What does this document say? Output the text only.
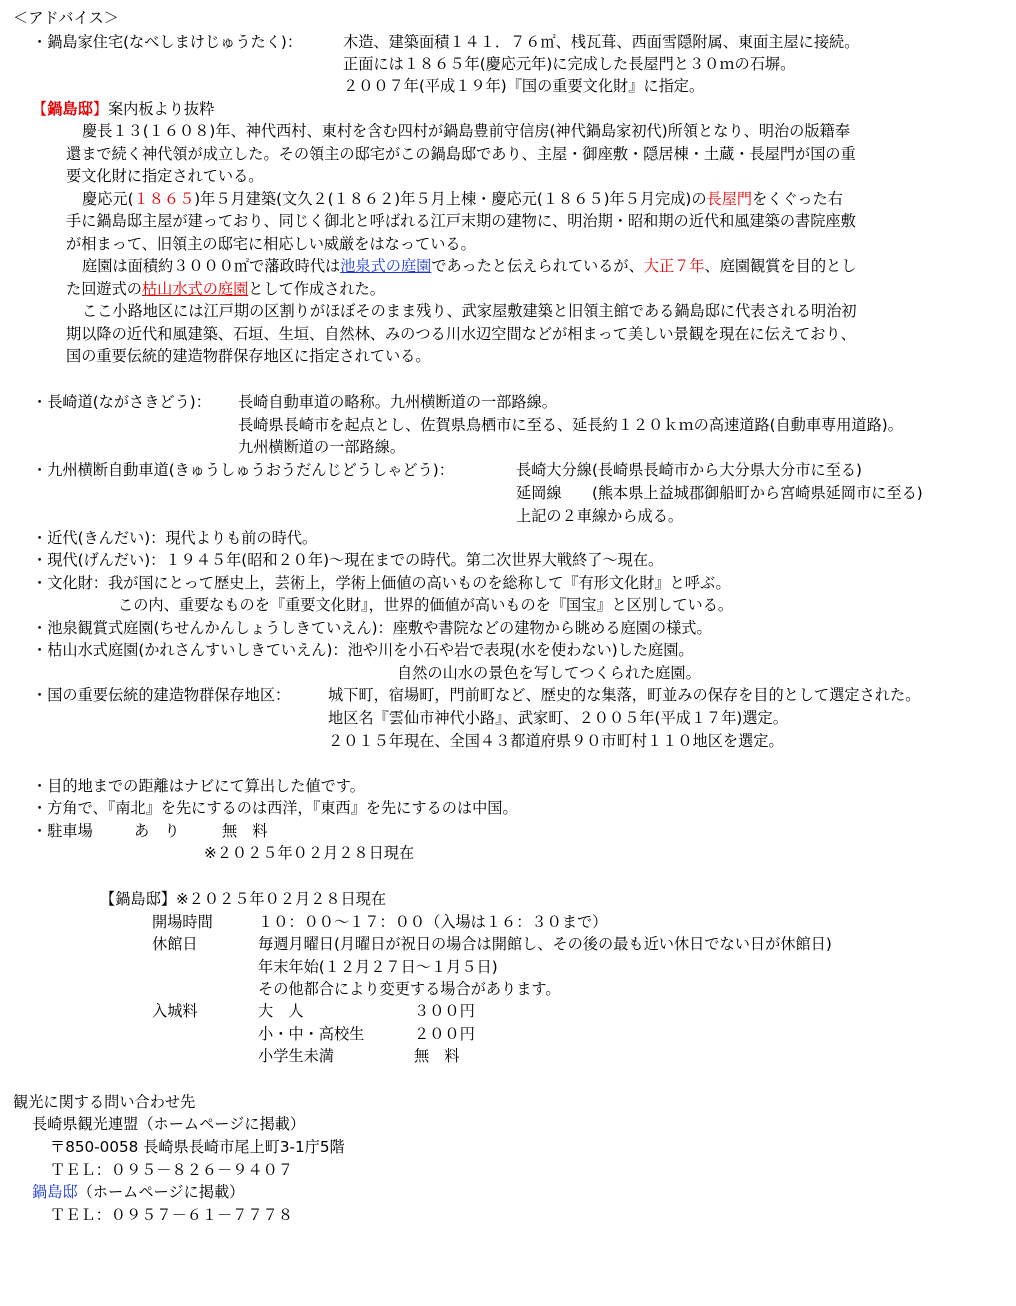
＜アドバイス＞
・鍋島家住宅(なべしまけじゅうたく)：	木造、建築面積１４１．７６㎡、桟瓦葺、西面雪隠附属、東面主屋に接続。
正面には１８６５年(慶応元年)に完成した長屋門と３０ｍの石塀。
２００７年(平成１９年)『国の重要文化財』に指定。
【鍋島邸】案内板より抜粋
慶長１３(１６０８)年、神代西村、東村を含む四村が鍋島豊前守信房(神代鍋島家初代)所領となり、明治の版籍奉
還まで続く神代領が成立した。その領主の邸宅がこの鍋島邸であり、主屋・御座敷・隠居棟・土蔵・長屋門が国の重
要文化財に指定されている。
慶応元(１８６５)年５月建築(文久２(１８６２)年５月上棟・慶応元(１８６５)年５月完成)の長屋門をくぐった右
手に鍋島邸主屋が建っており、同じく御北と呼ばれる江戸末期の建物に、明治期・昭和期の近代和風建築の書院座敷
が相まって、旧領主の邸宅に相応しい威厳をはなっている。
庭園は面積約３０００㎡で藩政時代は池泉式の庭園であったと伝えられているが、大正７年、庭園観賞を目的とし
た回遊式の枯山水式の庭園として作成された。
ここ小路地区には江戸期の区割りがほぼそのまま残り、武家屋敷建築と旧領主館である鍋島邸に代表される明治初
期以降の近代和風建築、石垣、生垣、自然林、みのつる川水辺空間などが相まって美しい景観を現在に伝えており、
国の重要伝統的建造物群保存地区に指定されている。
・長崎道(ながさきどう)： 長崎自動車道の略称。九州横断道の一部路線。
長崎県長崎市を起点とし、佐賀県鳥栖市に至る、延長約１２０ｋｍの高速道路(自動車専用道路)。
九州横断道の一部路線。
・九州横断自動車道(きゅうしゅうおうだんじどうしゃどう)：	長崎大分線(長崎県長崎市から大分県大分市に至る)
延岡線　　(熊本県上益城郡御船町から宮崎県延岡市に至る)
上記の２車線から成る。
・近代(きんだい)：現代よりも前の時代。
・現代(げんだい)：１９４５年(昭和２０年)～現在までの時代。第二次世界大戦終了～現在。
・文化財：我が国にとって歴史上，芸術上，学術上価値の高いものを総称して『有形文化財』と呼ぶ。
この内、重要なものを『重要文化財』，世界的価値が高いものを『国宝』と区別している。
・池泉観賞式庭園(ちせんかんしょうしきていえん)：座敷や書院などの建物から眺める庭園の様式。
・枯山水式庭園(かれさんすいしきていえん)：池や川を小石や岩で表現(水を使わない)した庭園。
自然の山水の景色を写してつくられた庭園。
・国の重要伝統的建造物群保存地区： 城下町，宿場町，門前町など、歴史的な集落，町並みの保存を目的として選定された。
地区名『雲仙市神代小路』、武家町、２００５年(平成１７年)選定。
２０１５年現在、全国４３都道府県９０市町村１１０地区を選定。
・目的地までの距離はナビにて算出した値です。
・方角で、『南北』を先にするのは西洋，『東西』を先にするのは中国。
・駐車場	あ　り	無　料
※２０２５年０２月２８日現在
【鍋島邸】※２０２５年０２月２８日現在
開場時間	１０：００～１７：００（入場は１６：３０まで）
休館日	毎週月曜日(月曜日が祝日の場合は開館し、その後の最も近い休日でない日が休館日)
年末年始(１２月２７日～１月５日)
その他都合により変更する場合があります。
入城料	大　人	３００円
小・中・高校生	２００円
小学生未満	無　料
観光に関する問い合わせ先
長崎県観光連盟（ホームページに掲載）
〒850-0058 長崎県長崎市尾上町3-1庁5階
ＴＥＬ：０９５－８２６－９４０７
鍋島邸（ホームページに掲載）
ＴＥＬ：０９５７－６１－７７７８
